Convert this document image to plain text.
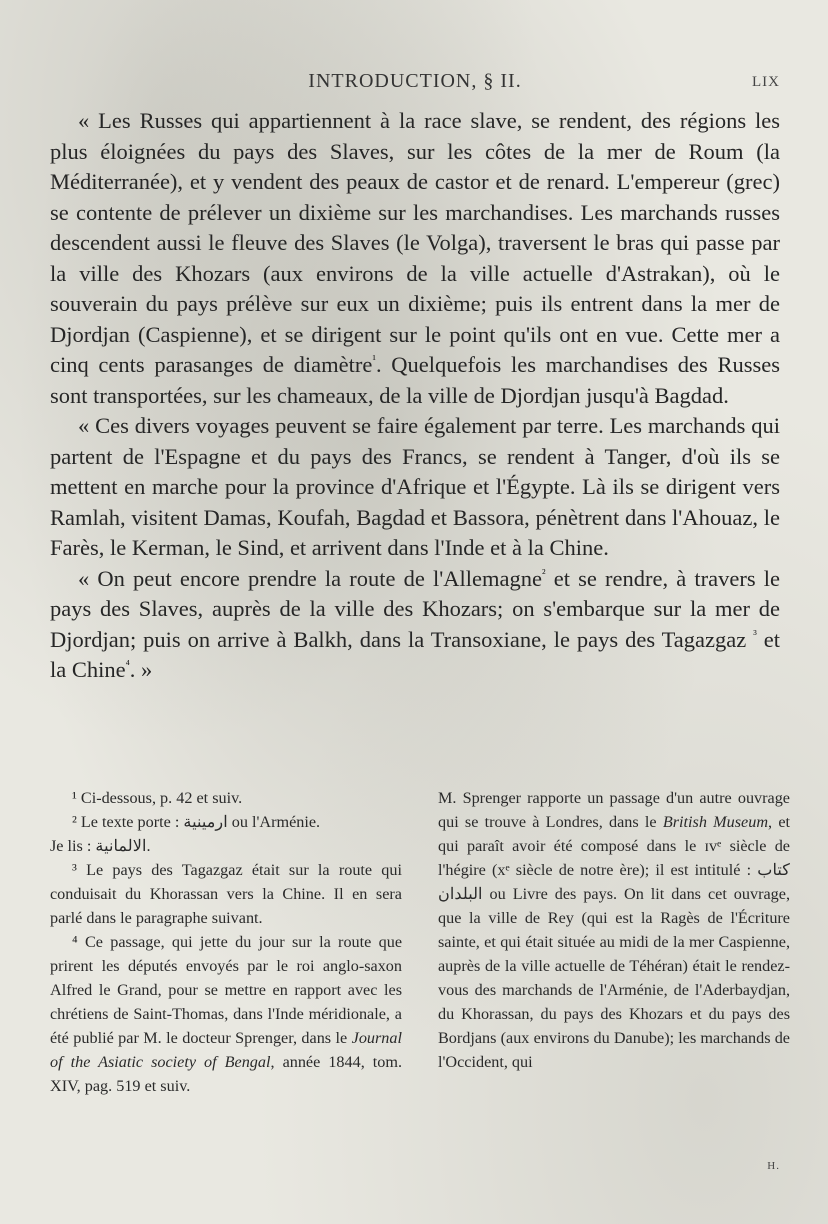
INTRODUCTION, § II.	LIX

« Les Russes qui appartiennent à la race slave, se rendent, des régions les plus éloignées du pays des Slaves, sur les côtes de la mer de Roum (la Méditerranée), et y vendent des peaux de castor et de renard. L'empereur (grec) se contente de prélever un dixième sur les marchandises. Les marchands russes descendent aussi le fleuve des Slaves (le Volga), traversent le bras qui passe par la ville des Khozars (aux environs de la ville actuelle d'Astrakan), où le souverain du pays prélève sur eux un dixième; puis ils entrent dans la mer de Djordjan (Caspienne), et se dirigent sur le point qu'ils ont en vue. Cette mer a cinq cents parasanges de diamètre$^{^1}$. Quelquefois les marchandises des Russes sont transportées, sur les chameaux, de la ville de Djordjan jusqu'à Bagdad.

« Ces divers voyages peuvent se faire également par terre. Les marchands qui partent de l'Espagne et du pays des Francs, se rendent à Tanger, d'où ils se mettent en marche pour la province d'Afrique et l'Égypte. Là ils se dirigent vers Ramlah, visitent Damas, Koufah, Bagdad et Bassora, pénètrent dans l'Ahouaz, le Farès, le Kerman, le Sind, et arrivent dans l'Inde et à la Chine.

« On peut encore prendre la route de l'Allemagne$^{^2}$ et se rendre, à travers le pays des Slaves, auprès de la ville des Khozars; on s'embarque sur la mer de Djordjan; puis on arrive à Balkh, dans la Transoxiane, le pays des Tagazgaz $^{^3}$ et la Chine$^{^4}$. »

¹ Ci-dessous, p. 42 et suiv.

² Le texte porte : ارمينية ou l'Arménie.

Je lis : الالمانية.

³ Le pays des Tagazgaz était sur la route qui conduisait du Khorassan vers la Chine. Il en sera parlé dans le paragraphe suivant.

⁴ Ce passage, qui jette du jour sur la route que prirent les députés envoyés par le roi anglo-saxon Alfred le Grand, pour se mettre en rapport avec les chrétiens de Saint-Thomas, dans l'Inde méridionale, a été publié par M. le docteur Sprenger, dans le Journal of the Asiatic society of Bengal, année 1844, tom. XIV, pag. 519 et suiv.

M. Sprenger rapporte un passage d'un autre ouvrage qui se trouve à Londres, dans le British Museum, et qui paraît avoir été composé dans le ɪvᵉ siècle de l'hégire (xᵉ siècle de notre ère); il est intitulé : كتاب البلدان ou Livre des pays. On lit dans cet ouvrage, que la ville de Rey (qui est la Ragès de l'Écriture sainte, et qui était située au midi de la mer Caspienne, auprès de la ville actuelle de Téhéran) était le rendez-vous des marchands de l'Arménie, de l'Aderbaydjan, du Khorassan, du pays des Khozars et du pays des Bordjans (aux environs du Danube); les marchands de l'Occident, qui

H.
